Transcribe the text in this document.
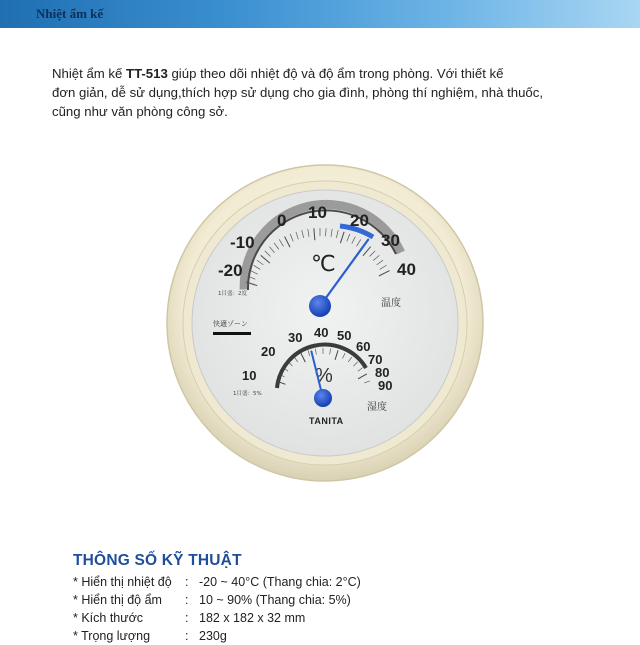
Nhiệt ẩm kế
Nhiệt ẩm kế TT-513 giúp theo dõi nhiệt độ và độ ẩm trong phòng. Với thiết kế
đơn giản, dễ sử dụng,thích hợp sử dụng cho gia đình, phòng thí nghiệm, nhà thuốc,
cũng như văn phòng công sở.
-20
-10
0 10 20
30
40
℃
温度
1目盛：2度
快適ゾーン
10
20
30 40 50
60
70
80
90
%
湿度
1目盛：5%
TANITA
THÔNG SỐ KỸ THUẬT
* Hiển thị nhiệt độ : -20 ~ 40°C (Thang chia: 2°C)
* Hiển thị độ ẩm : 10 ~ 90% (Thang chia: 5%)
* Kích thước	: 182 x 182 x 32 mm
* Trọng lượng	: 230g
